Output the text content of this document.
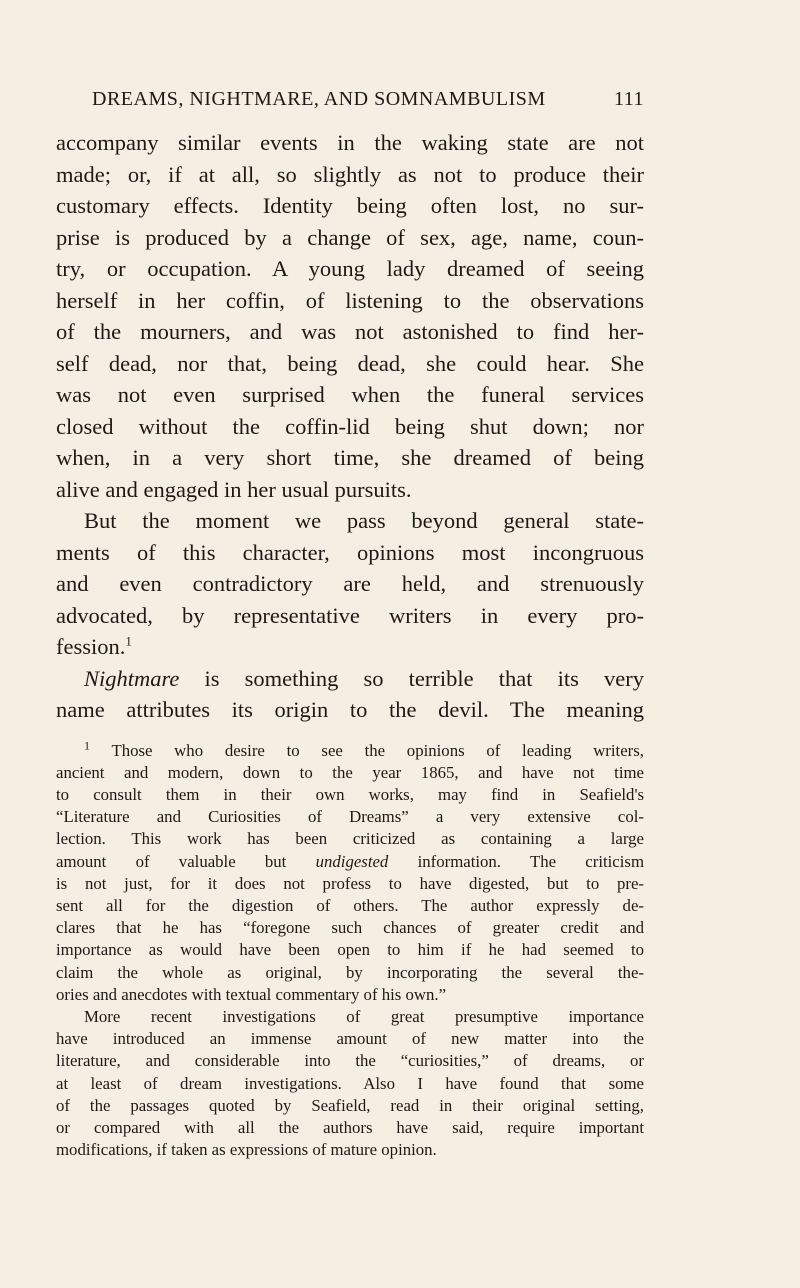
DREAMS, NIGHTMARE, AND SOMNAMBULISM	111

accompany similar events in the waking state are not
made; or, if at all, so slightly as not to produce their
customary effects. Identity being often lost, no sur-
prise is produced by a change of sex, age, name, coun-
try, or occupation. A young lady dreamed of seeing
herself in her coffin, of listening to the observations
of the mourners, and was not astonished to find her-
self dead, nor that, being dead, she could hear. She
was not even surprised when the funeral services
closed without the coffin-lid being shut down; nor
when, in a very short time, she dreamed of being
alive and engaged in her usual pursuits.

But the moment we pass beyond general state-
ments of this character, opinions most incongruous
and even contradictory are held, and strenuously
advocated, by representative writers in every pro-
fession.$^1$

Nightmare is something so terrible that its very
name attributes its origin to the devil. The meaning

$^1$ Those who desire to see the opinions of leading writers,
ancient and modern, down to the year 1865, and have not time
to consult them in their own works, may find in Seafield's
“Literature and Curiosities of Dreams” a very extensive col-
lection. This work has been criticized as containing a large
amount of valuable but undigested information. The criticism
is not just, for it does not profess to have digested, but to pre-
sent all for the digestion of others. The author expressly de-
clares that he has “foregone such chances of greater credit and
importance as would have been open to him if he had seemed to
claim the whole as original, by incorporating the several the-
ories and anecdotes with textual commentary of his own.”

More recent investigations of great presumptive importance
have introduced an immense amount of new matter into the
literature, and considerable into the “curiosities,” of dreams, or
at least of dream investigations. Also I have found that some
of the passages quoted by Seafield, read in their original setting,
or compared with all the authors have said, require important
modifications, if taken as expressions of mature opinion.
